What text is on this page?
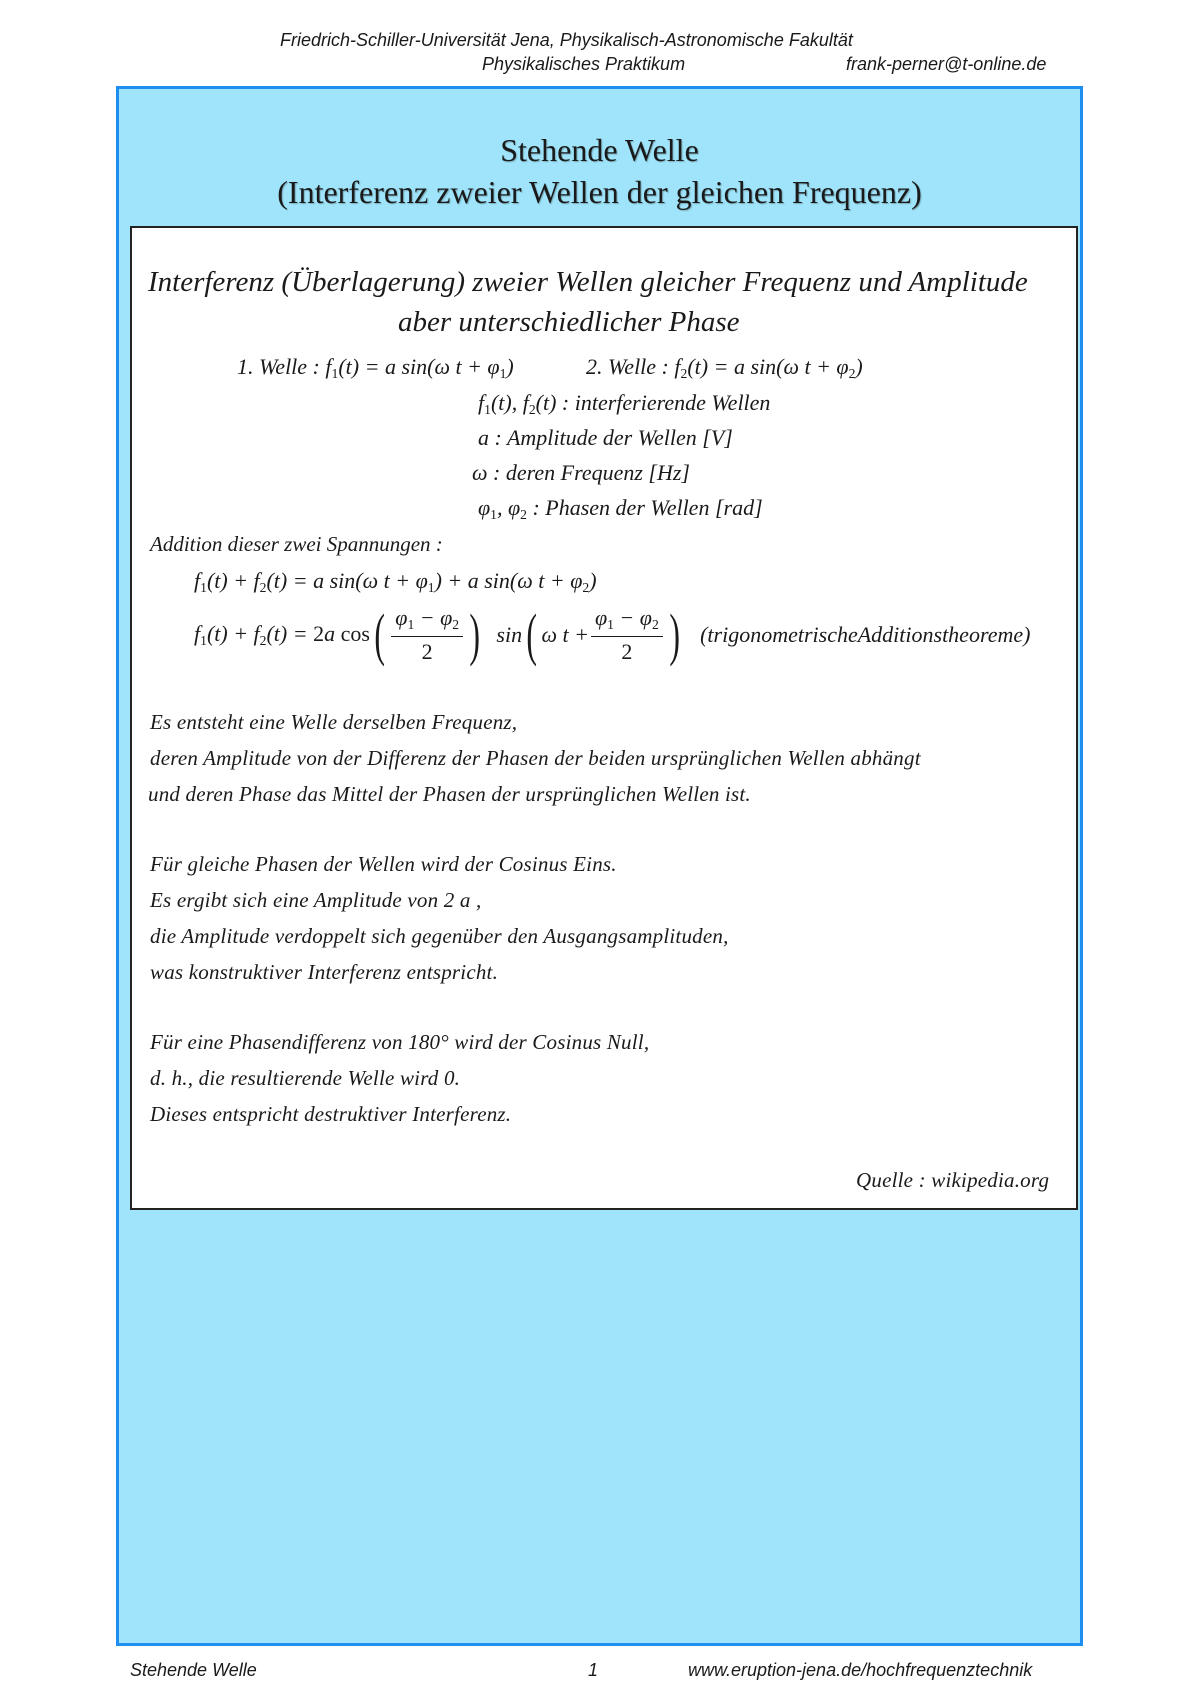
Friedrich-Schiller-Universität Jena, Physikalisch-Astronomische Fakultät
Physikalisches Praktikum	frank-perner@t-online.de
Stehende Welle
(Interferenz zweier Wellen der gleichen Frequenz)
Interferenz (Überlagerung) zweier Wellen gleicher Frequenz und Amplitude
aber unterschiedlicher Phase
1. Welle : $f_1(t) = a$ sin(ω $t + \varphi_1$)	2. Welle : $f_2(t) = a$ sin(ω $t + \varphi_2$)
$f_1(t)$, $f_2(t)$ : interferierende Wellen
a : Amplitude der Wellen [V]
ω : deren Frequenz [Hz]
$\varphi_1$, $\varphi_2$ : Phasen der Wellen [rad]
Addition dieser zwei Spannungen :
$f_1(t) + f_2(t) = a$ sin(ω $t + \varphi_1) + a$ sin(ω $t + \varphi_2$)
$f_1(t) + f_2(t) = 2a$ cos ( $\frac{\varphi_1 - \varphi_2}{2}$ ) sin ( ω $t + \frac{\varphi_1 - \varphi_2}{2}$ ) (trigonometrischeAdditionstheoreme)
Es entsteht eine Welle derselben Frequenz,
deren Amplitude von der Differenz der Phasen der beiden ursprünglichen Wellen abhängt
und deren Phase das Mittel der Phasen der ursprünglichen Wellen ist.
Für gleiche Phasen der Wellen wird der Cosinus Eins.
Es ergibt sich eine Amplitude von 2 a ,
die Amplitude verdoppelt sich gegenüber den Ausgangsamplituden,
was konstruktiver Interferenz entspricht.
Für eine Phasendifferenz von 180° wird der Cosinus Null,
d. h., die resultierende Welle wird 0.
Dieses entspricht destruktiver Interferenz.
Quelle : wikipedia.org
Stehende Welle	1	www.eruption-jena.de/hochfrequenztechnik
